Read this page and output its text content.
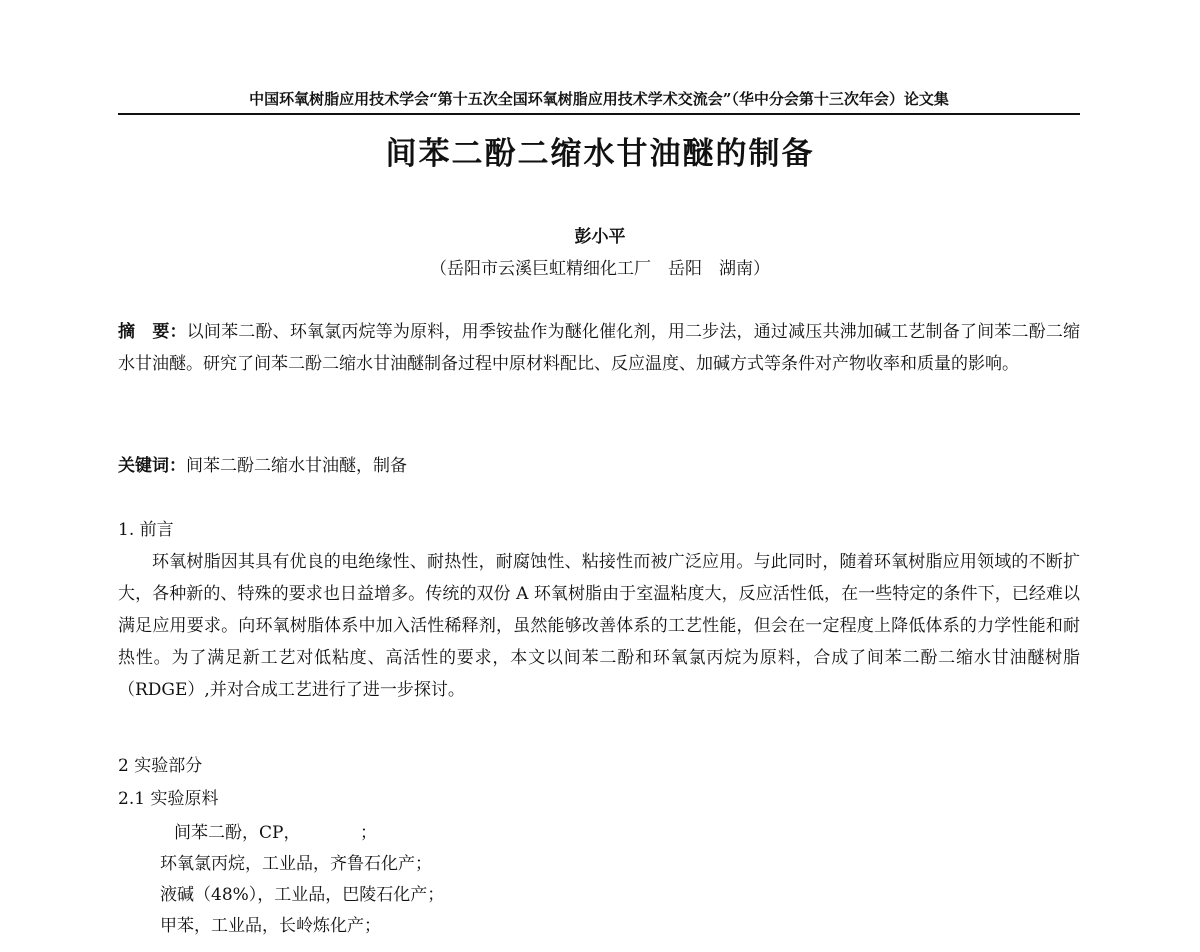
中国环氧树脂应用技术学会“第十五次全国环氧树脂应用技术学术交流会”（华中分会第十三次年会）论文集
间苯二酚二缩水甘油醚的制备
彭小平
（岳阳市云溪巨虹精细化工厂　岳阳　湖南）
摘　要：以间苯二酚、环氧氯丙烷等为原料，用季铵盐作为醚化催化剂，用二步法，通过减压共沸加碱工艺制备了间苯二酚二缩水甘油醚。研究了间苯二酚二缩水甘油醚制备过程中原材料配比、反应温度、加碱方式等条件对产物收率和质量的影响。
关键词：间苯二酚二缩水甘油醚，制备
1. 前言
环氧树脂因其具有优良的电绝缘性、耐热性，耐腐蚀性、粘接性而被广泛应用。与此同时，随着环氧树脂应用领域的不断扩大，各种新的、特殊的要求也日益增多。传统的双份 A 环氧树脂由于室温粘度大，反应活性低，在一些特定的条件下，已经难以满足应用要求。向环氧树脂体系中加入活性稀释剂，虽然能够改善体系的工艺性能，但会在一定程度上降低体系的力学性能和耐热性。为了满足新工艺对低粘度、高活性的要求，本文以间苯二酚和环氧氯丙烷为原料，合成了间苯二酚二缩水甘油醚树脂（RDGE）,并对合成工艺进行了进一步探讨。
2 实验部分
2.1 实验原料
间苯二酚，CP，　　　　；
环氧氯丙烷，工业品，齐鲁石化产；
液碱（48%），工业品，巴陵石化产；
甲苯，工业品，长岭炼化产；
